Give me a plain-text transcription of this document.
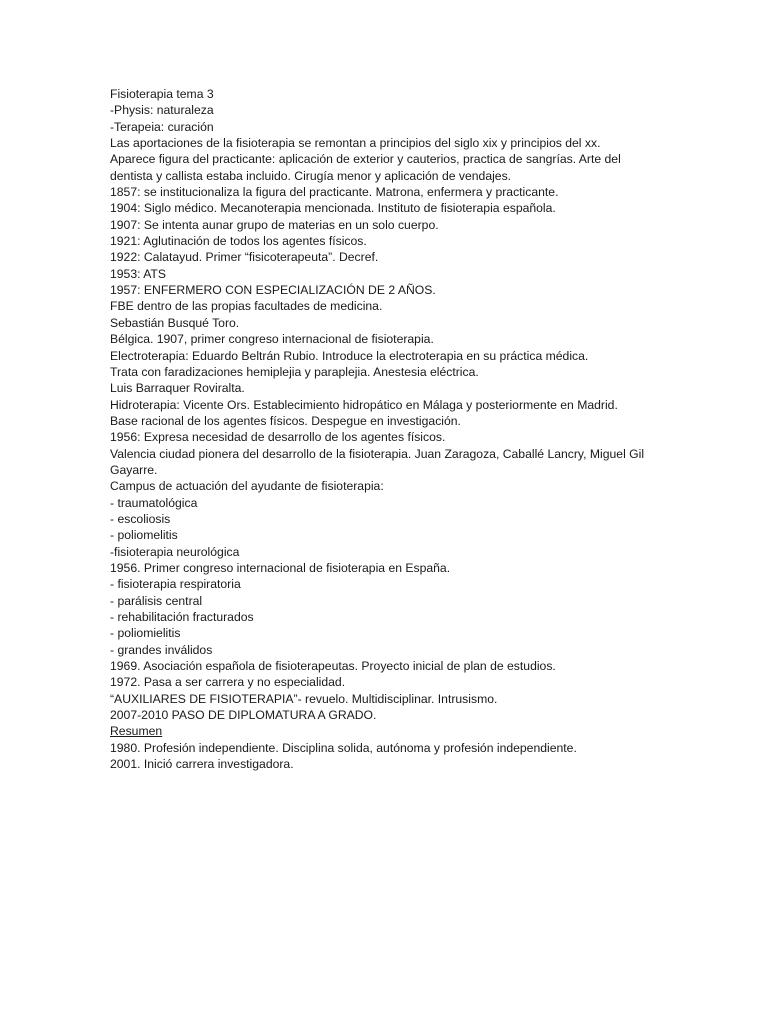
Fisioterapia tema 3
-Physis: naturaleza
-Terapeia: curación
Las aportaciones de la fisioterapia se remontan a principios del siglo xix y principios del xx.
Aparece figura del practicante: aplicación de exterior y cauterios, practica de sangrías. Arte del dentista y callista estaba incluido. Cirugía menor y aplicación de vendajes.
1857: se institucionaliza la figura del practicante. Matrona, enfermera y practicante.
1904: Siglo médico. Mecanoterapia mencionada. Instituto de fisioterapia española.
1907: Se intenta aunar grupo de materias en un solo cuerpo.
1921: Aglutinación de todos los agentes físicos.
1922: Calatayud. Primer “fisicoterapeuta”. Decref.
1953: ATS
1957: ENFERMERO CON ESPECIALIZACIÓN DE 2 AÑOS.
FBE dentro de las propias facultades de medicina.
Sebastián Busqué Toro.
Bélgica. 1907, primer congreso internacional de fisioterapia.
Electroterapia: Eduardo Beltrán Rubio. Introduce la electroterapia en su práctica médica.
Trata con faradizaciones hemiplejia y paraplejia. Anestesia eléctrica.
Luis Barraquer Roviralta.
Hidroterapia: Vicente Ors. Establecimiento hidropático en Málaga y posteriormente en Madrid.
Base racional de los agentes físicos. Despegue en investigación.
1956: Expresa necesidad de desarrollo de los agentes físicos.
Valencia ciudad pionera del desarrollo de la fisioterapia. Juan Zaragoza, Caballé Lancry, Miguel Gil Gayarre.
Campus de actuación del ayudante de fisioterapia:
- traumatológica
- escoliosis
- poliomelitis
-fisioterapia neurológica
1956. Primer congreso internacional de fisioterapia en España.
- fisioterapia respiratoria
- parálisis central
- rehabilitación fracturados
- poliomielitis
- grandes inválidos
1969. Asociación española de fisioterapeutas. Proyecto inicial de plan de estudios.
1972. Pasa a ser carrera y no especialidad.
“AUXILIARES DE FISIOTERAPIA”- revuelo. Multidisciplinar. Intrusismo.
2007-2010 PASO DE DIPLOMATURA A GRADO.
Resumen
1980. Profesión independiente. Disciplina solida, autónoma y profesión independiente.
2001. Inició carrera investigadora.
